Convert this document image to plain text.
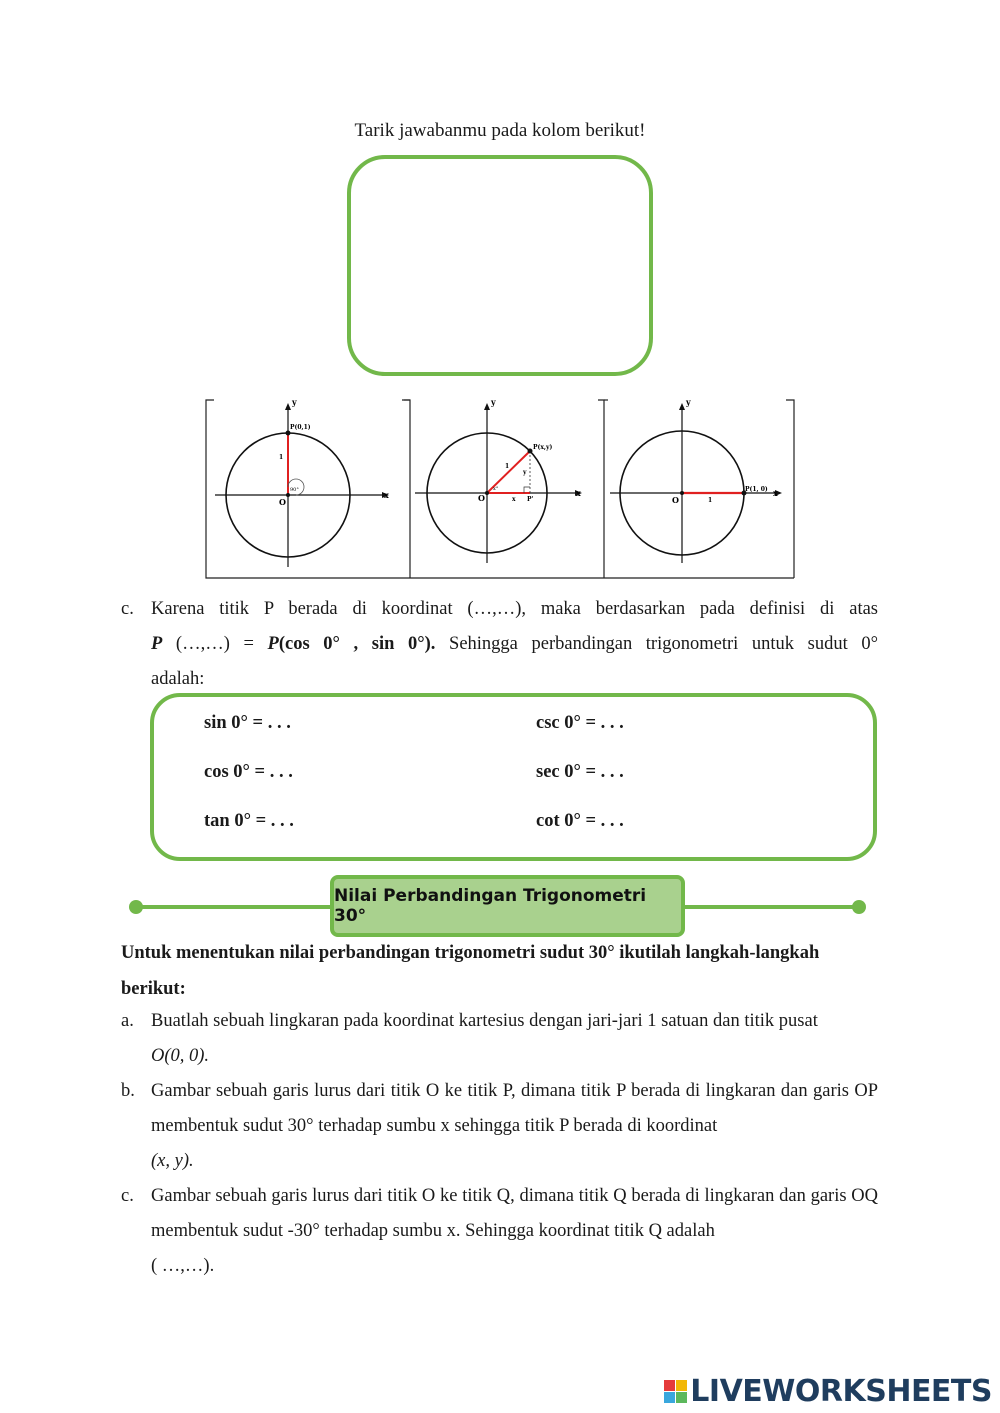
Tarik jawabanmu pada kolom berikut!
y
x
P(0,1)
O
1
90°
y
x
P(x,y)
O
1
y
x P'
x°
y
x
P(1, 0)
O	1
c. Karena titik P berada di koordinat (…,…), maka berdasarkan pada definisi di atas
P (…,…) = P(cos 0° , sin 0°). Sehingga perbandingan trigonometri untuk sudut 0°
adalah:
sin 0° = . . .
cos 0° = . . .
tan 0° = . . .
csc 0° = . . .
sec 0° = . . .
cot 0° = . . .
Nilai Perbandingan Trigonometri 30°
Untuk menentukan nilai perbandingan trigonometri sudut 30° ikutilah langkah-langkah berikut:
a. Buatlah sebuah lingkaran pada koordinat kartesius dengan jari-jari 1 satuan dan titik pusat
O(0, 0).
b. Gambar sebuah garis lurus dari titik O ke titik P, dimana titik P berada di lingkaran dan garis OP membentuk sudut 30° terhadap sumbu x sehingga titik P berada di koordinat
(x, y).
c. Gambar sebuah garis lurus dari titik O ke titik Q, dimana titik Q berada di lingkaran dan garis OQ membentuk sudut -30° terhadap sumbu x. Sehingga koordinat titik Q adalah
( …,…).
LIVEWORKSHEETS
